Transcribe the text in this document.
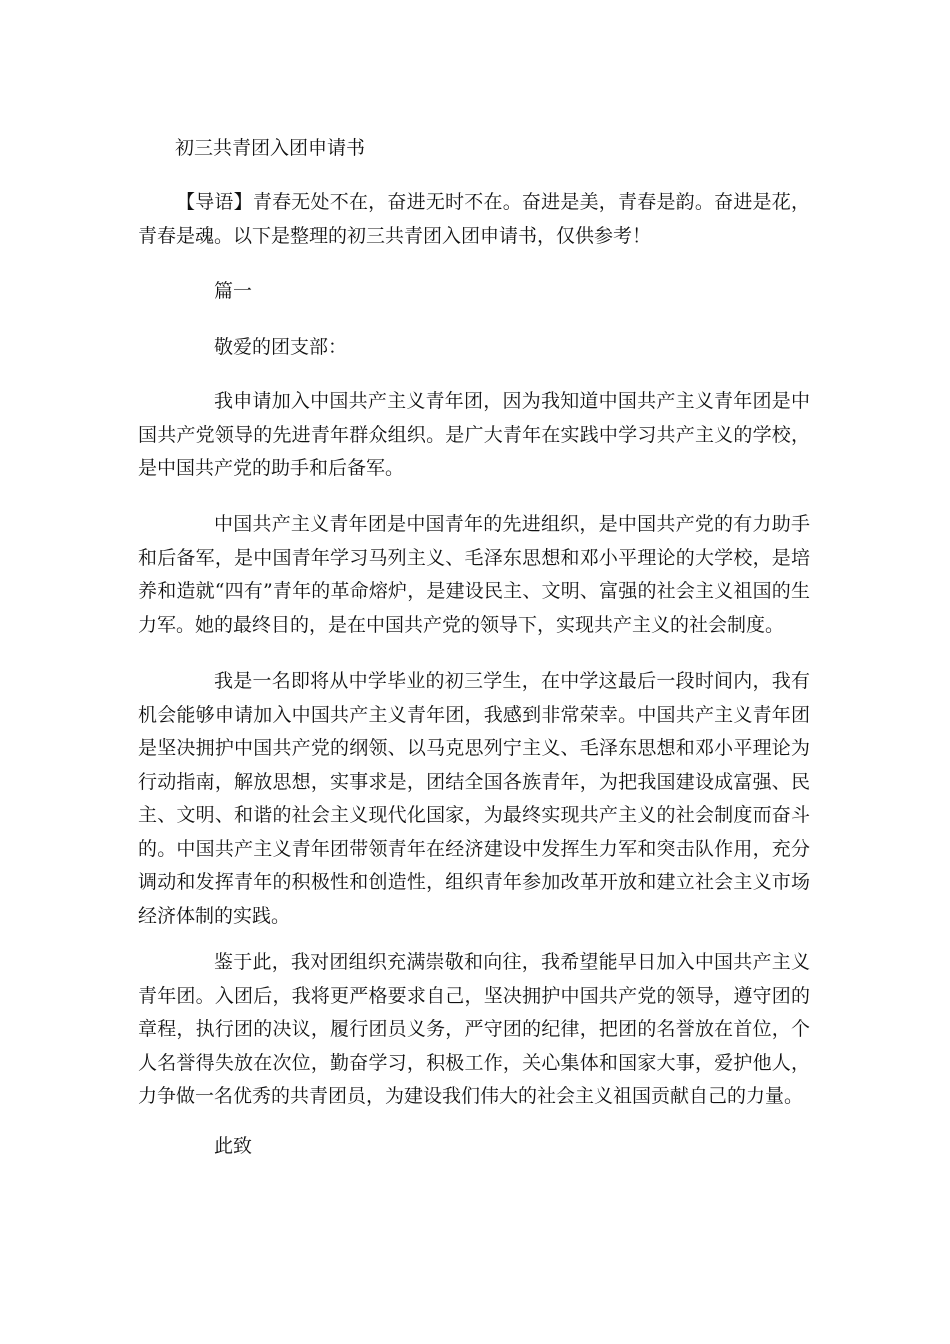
初三共青团入团申请书

【导语】青春无处不在，奋进无时不在。奋进是美，青春是韵。奋进是花，青春是魂。以下是整理的初三共青团入团申请书，仅供参考！

篇一

敬爱的团支部：

我申请加入中国共产主义青年团，因为我知道中国共产主义青年团是中国共产党领导的先进青年群众组织。是广大青年在实践中学习共产主义的学校，是中国共产党的助手和后备军。

中国共产主义青年团是中国青年的先进组织，是中国共产党的有力助手和后备军，是中国青年学习马列主义、毛泽东思想和邓小平理论的大学校，是培养和造就“四有”青年的革命熔炉，是建设民主、文明、富强的社会主义祖国的生力军。她的最终目的，是在中国共产党的领导下，实现共产主义的社会制度。

我是一名即将从中学毕业的初三学生，在中学这最后一段时间内，我有机会能够申请加入中国共产主义青年团，我感到非常荣幸。中国共产主义青年团是坚决拥护中国共产党的纲领、以马克思列宁主义、毛泽东思想和邓小平理论为行动指南，解放思想，实事求是，团结全国各族青年，为把我国建设成富强、民主、文明、和谐的社会主义现代化国家，为最终实现共产主义的社会制度而奋斗的。中国共产主义青年团带领青年在经济建设中发挥生力军和突击队作用，充分调动和发挥青年的积极性和创造性，组织青年参加改革开放和建立社会主义市场经济体制的实践。

鉴于此，我对团组织充满崇敬和向往，我希望能早日加入中国共产主义青年团。入团后，我将更严格要求自己，坚决拥护中国共产党的领导，遵守团的章程，执行团的决议，履行团员义务，严守团的纪律，把团的名誉放在首位，个人名誉得失放在次位，勤奋学习，积极工作，关心集体和国家大事，爱护他人，力争做一名优秀的共青团员，为建设我们伟大的社会主义祖国贡献自己的力量。

此致
